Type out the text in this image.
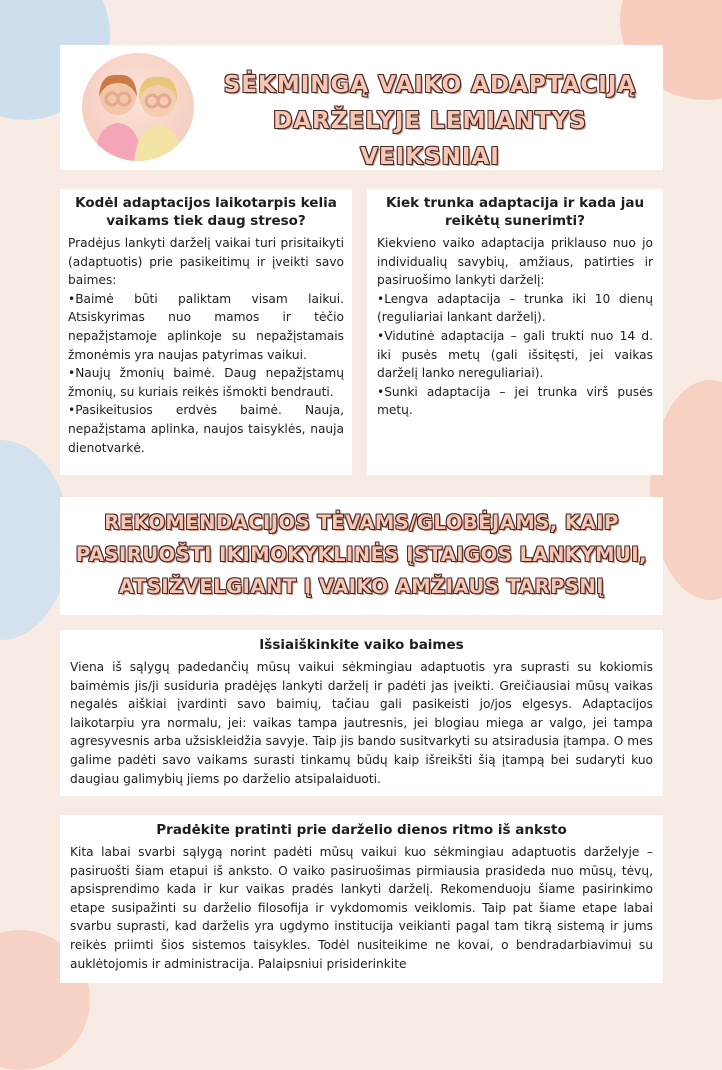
SĖKMINGĄ VAIKO ADAPTACIJĄ
DARŽELYJE LEMIANTYS VEIKSNIAI

Kodėl adaptacijos laikotarpis kelia vaikams tiek daug streso?

Pradėjus lankyti darželį vaikai turi prisitaikyti (adaptuotis) prie pasikeitimų ir įveikti savo baimes:

•Baimė būti paliktam visam laikui. Atsiskyrimas nuo mamos ir tėčio nepažįstamoje aplinkoje su nepažįstamais žmonėmis yra naujas patyrimas vaikui.

•Naujų žmonių baimė. Daug nepažįstamų žmonių, su kuriais reikės išmokti bendrauti.

•Pasikeitusios erdvės baimė. Nauja, nepažįstama aplinka, naujos taisyklės, nauja dienotvarkė.

Kiek trunka adaptacija ir kada jau reikėtų sunerimti?

Kiekvieno vaiko adaptacija priklauso nuo jo individualių savybių, amžiaus, patirties ir pasiruošimo lankyti darželį:

•Lengva adaptacija – trunka iki 10 dienų (reguliariai lankant darželį).

•Vidutinė adaptacija – gali trukti nuo 14 d. iki pusės metų (gali išsitęsti, jei vaikas darželį lanko nereguliariai).

•Sunki adaptacija – jei trunka virš pusės metų.

REKOMENDACIJOS TĖVAMS/GLOBĖJAMS, KAIP
PASIRUOŠTI IKIMOKYKLINĖS ĮSTAIGOS LANKYMUI,
ATSIŽVELGIANT Į VAIKO AMŽIAUS TARPSNĮ

Išsiaiškinkite vaiko baimes

Viena iš sąlygų padedančių mūsų vaikui sėkmingiau adaptuotis yra suprasti su kokiomis baimėmis jis/ji susiduria pradėjęs lankyti darželį ir padėti jas įveikti. Greičiausiai mūsų vaikas negalės aiškiai įvardinti savo baimių, tačiau gali pasikeisti jo/jos elgesys. Adaptacijos laikotarpiu yra normalu, jei: vaikas tampa jautresnis, jei blogiau miega ar valgo, jei tampa agresyvesnis arba užsiskleidžia savyje. Taip jis bando susitvarkyti su atsiradusia įtampa. O mes galime padėti savo vaikams surasti tinkamų būdų kaip išreikšti šią įtampą bei sudaryti kuo daugiau galimybių jiems po darželio atsipalaiduoti.

Pradėkite pratinti prie darželio dienos ritmo iš anksto

Kita labai svarbi sąlygą norint padėti mūsų vaikui kuo sėkmingiau adaptuotis darželyje – pasiruošti šiam etapui iš anksto. O vaiko pasiruošimas pirmiausia prasideda nuo mūsų, tėvų, apsisprendimo kada ir kur vaikas pradės lankyti darželį. Rekomenduoju šiame pasirinkimo etape susipažinti su darželio filosofija ir vykdomomis veiklomis. Taip pat šiame etape labai svarbu suprasti, kad darželis yra ugdymo institucija veikianti pagal tam tikrą sistemą ir jums reikės priimti šios sistemos taisykles. Todėl nusiteikime ne kovai, o bendradarbiavimui su auklėtojomis ir administracija. Palaipsniui prisiderinkite
